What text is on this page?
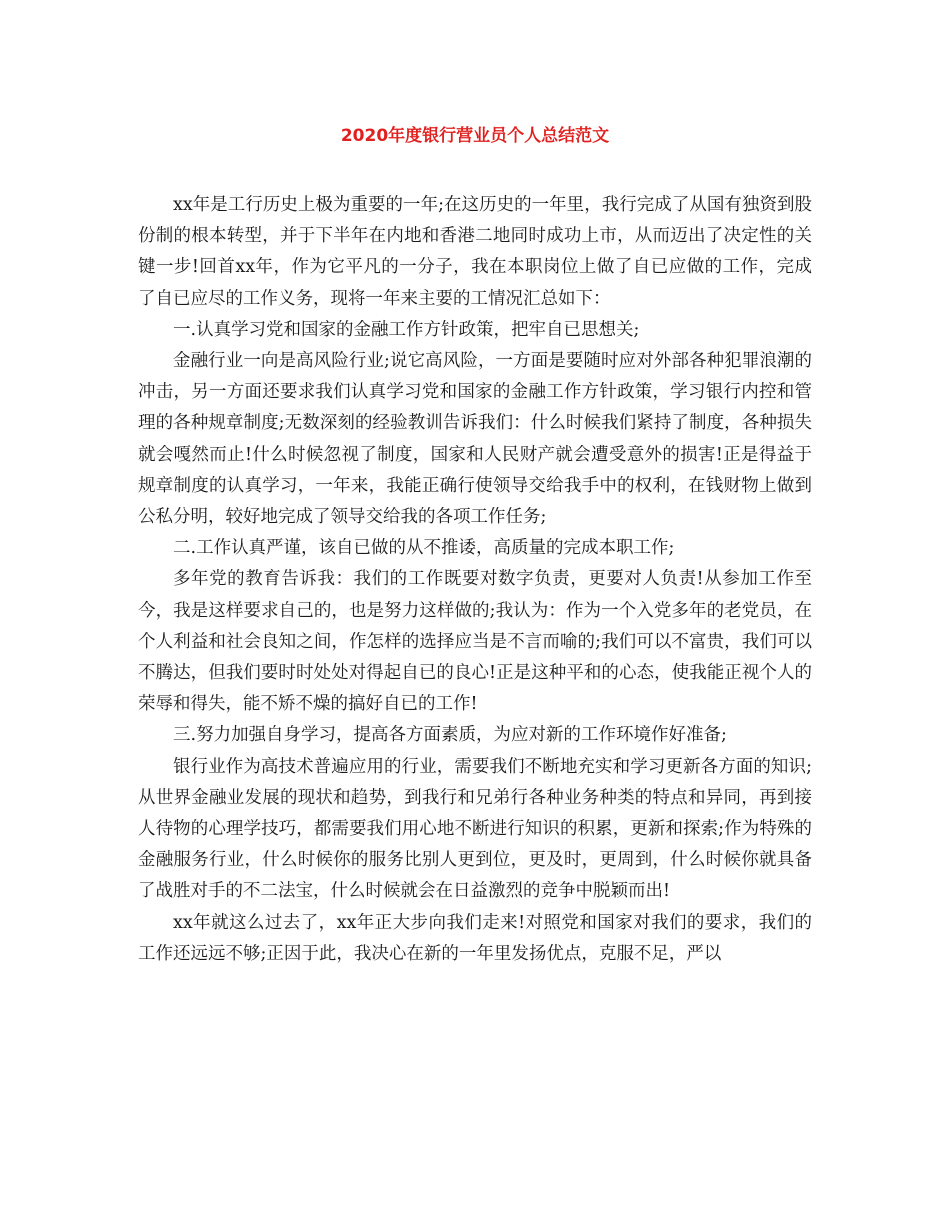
2020年度银行营业员个人总结范文

xx年是工行历史上极为重要的一年;在这历史的一年里，我行完成了从国有独资到股份制的根本转型，并于下半年在内地和香港二地同时成功上市，从而迈出了决定性的关键一步!回首xx年，作为它平凡的一分子，我在本职岗位上做了自已应做的工作，完成了自已应尽的工作义务，现将一年来主要的工情况汇总如下：

一.认真学习党和国家的金融工作方针政策，把牢自已思想关;

金融行业一向是高风险行业;说它高风险，一方面是要随时应对外部各种犯罪浪潮的冲击，另一方面还要求我们认真学习党和国家的金融工作方针政策，学习银行内控和管理的各种规章制度;无数深刻的经验教训告诉我们：什么时候我们紧持了制度，各种损失就会嘎然而止!什么时候忽视了制度，国家和人民财产就会遭受意外的损害!正是得益于规章制度的认真学习，一年来，我能正确行使领导交给我手中的权利，在钱财物上做到公私分明，较好地完成了领导交给我的各项工作任务;

二.工作认真严谨，该自已做的从不推诿，高质量的完成本职工作;

多年党的教育告诉我：我们的工作既要对数字负责，更要对人负责!从参加工作至今，我是这样要求自己的，也是努力这样做的;我认为：作为一个入党多年的老党员，在个人利益和社会良知之间，作怎样的选择应当是不言而喻的;我们可以不富贵，我们可以不腾达，但我们要时时处处对得起自已的良心!正是这种平和的心态，使我能正视个人的荣辱和得失，能不矫不燥的搞好自已的工作!

三.努力加强自身学习，提高各方面素质，为应对新的工作环境作好准备;

银行业作为高技术普遍应用的行业，需要我们不断地充实和学习更新各方面的知识;从世界金融业发展的现状和趋势，到我行和兄弟行各种业务种类的特点和异同，再到接人待物的心理学技巧，都需要我们用心地不断进行知识的积累，更新和探索;作为特殊的金融服务行业，什么时候你的服务比别人更到位，更及时，更周到，什么时候你就具备了战胜对手的不二法宝，什么时候就会在日益激烈的竞争中脱颖而出!

xx年就这么过去了，xx年正大步向我们走来!对照党和国家对我们的要求，我们的工作还远远不够;正因于此，我决心在新的一年里发扬优点，克服不足，严以
